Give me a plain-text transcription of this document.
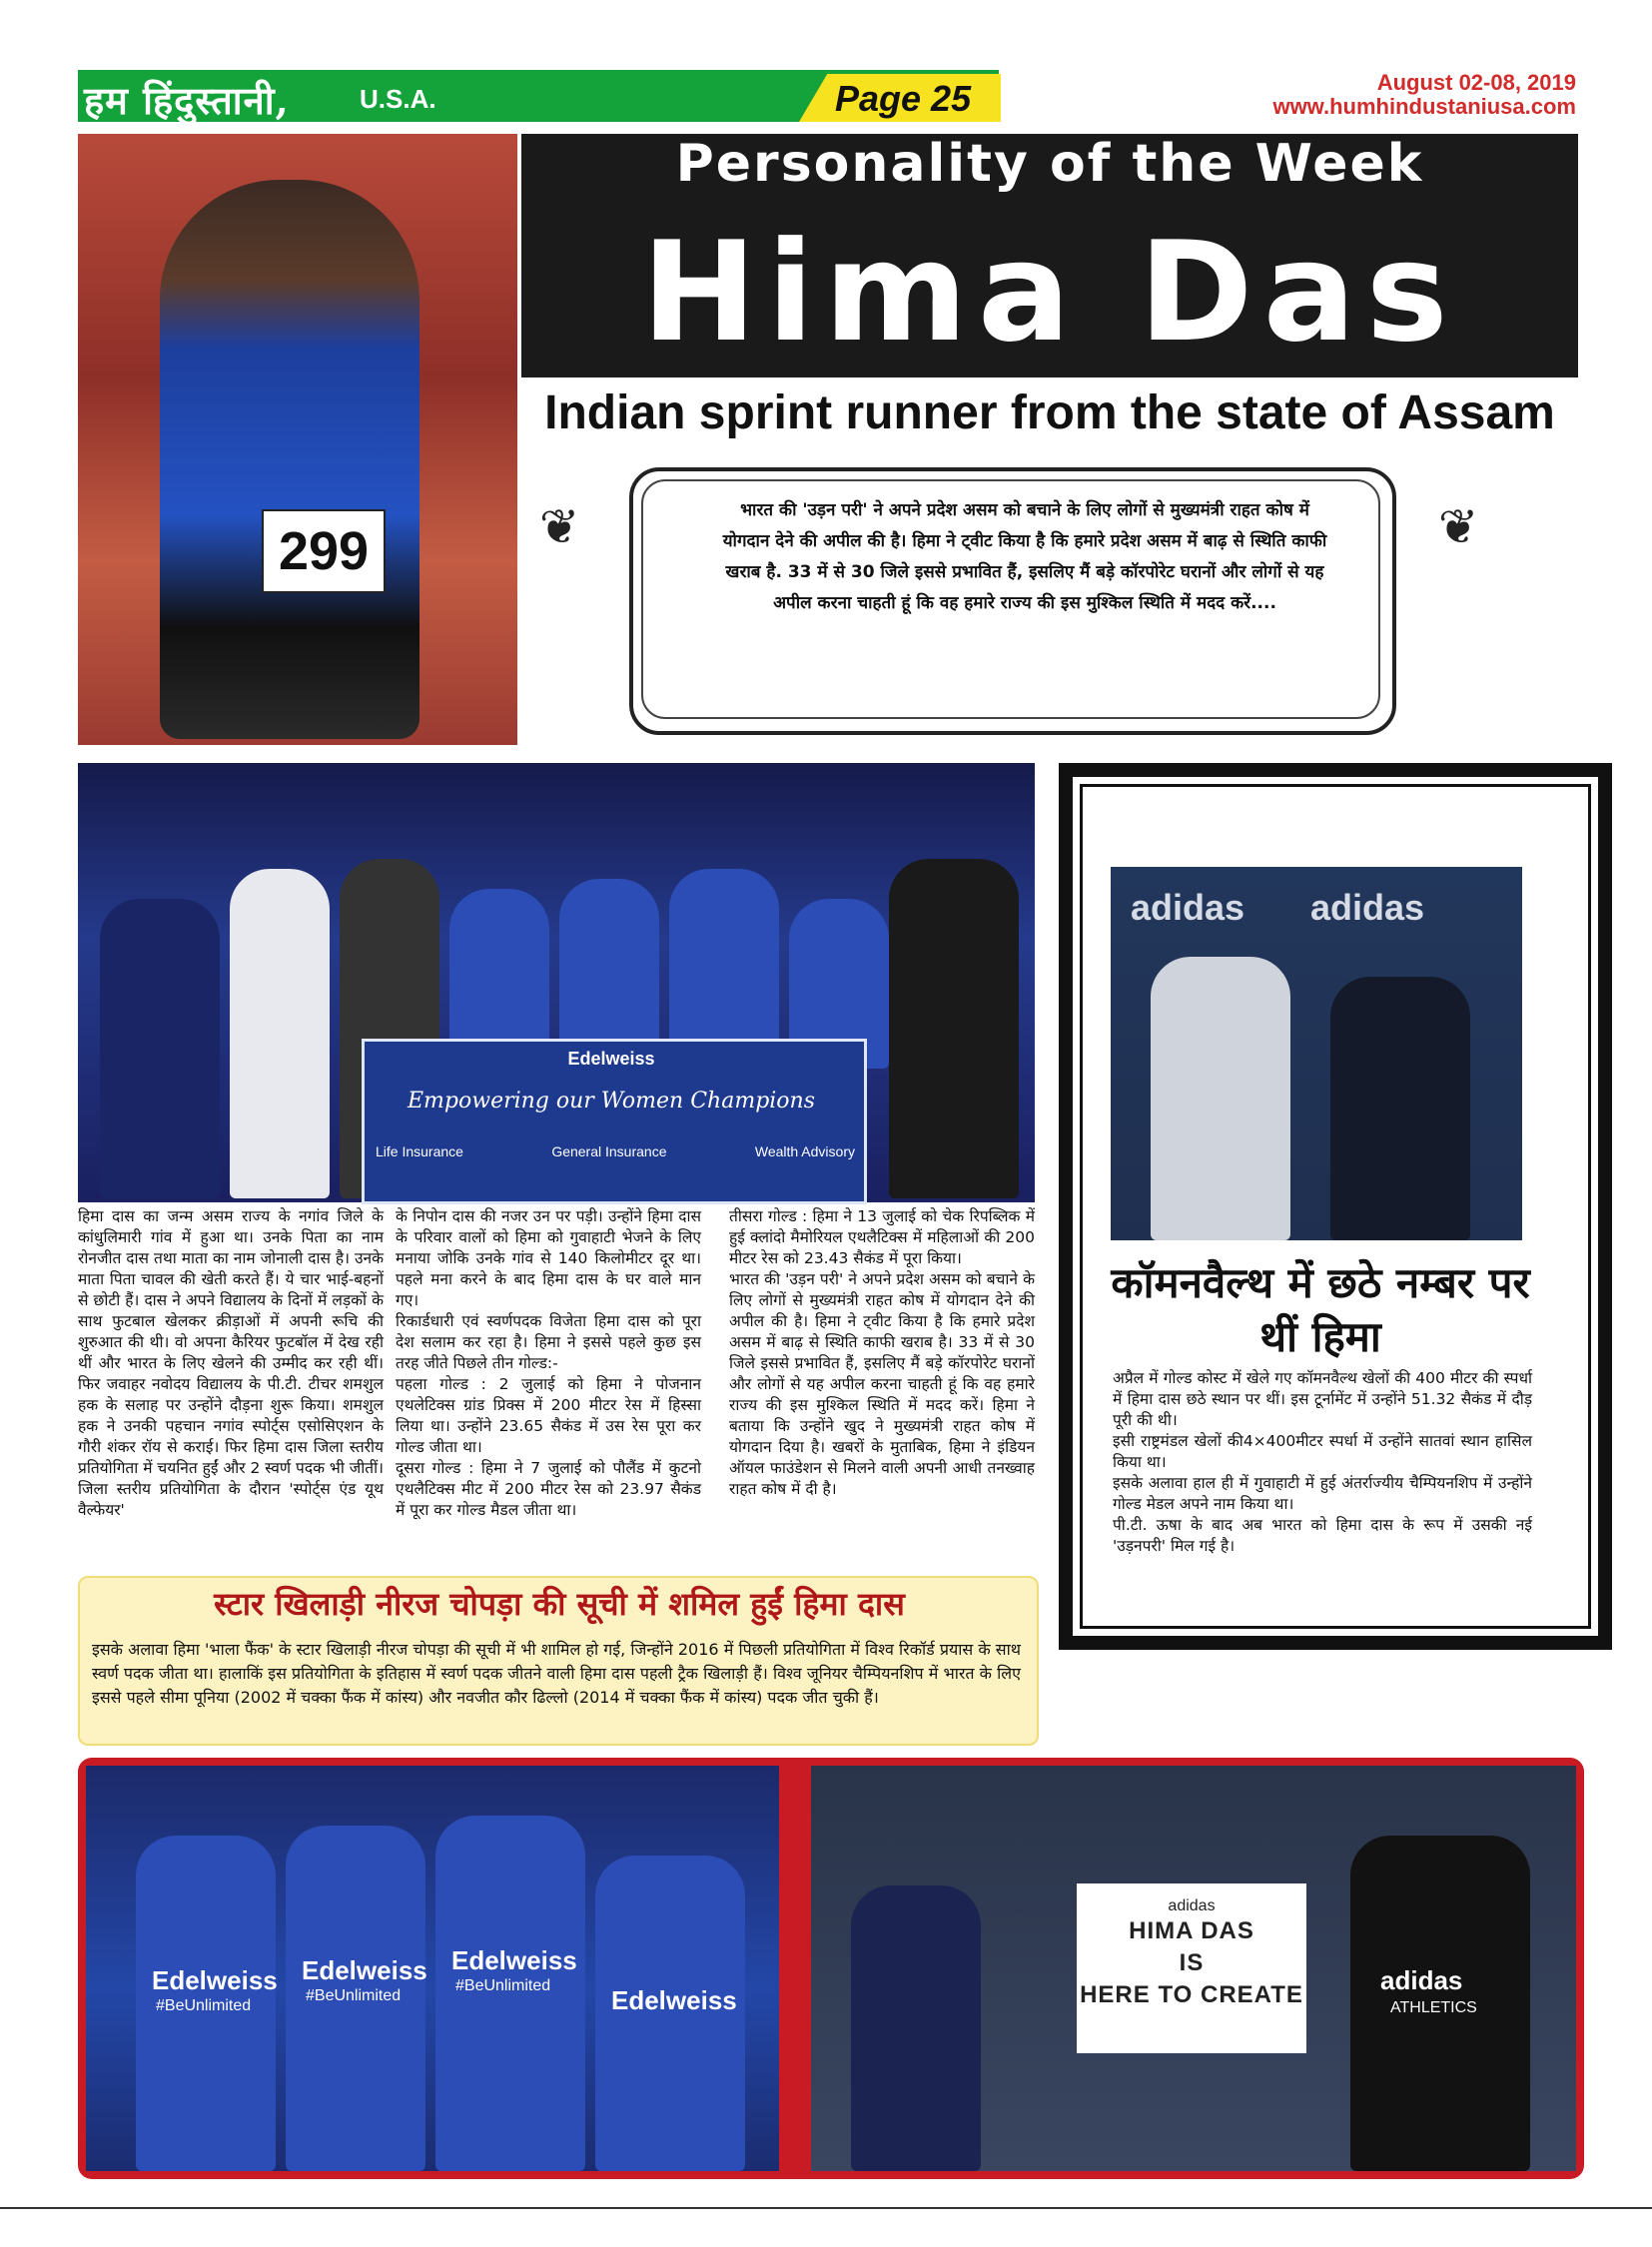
हम हिंदुस्तानी,	U.S.A.	Page 25	August 02-08, 2019
www.humhindustaniusa.com
299
Personality of the Week
Hima Das
Indian sprint runner from the state of Assam
❦	❦
भारत की 'उड़न परी' ने अपने प्रदेश असम को बचाने के लिए लोगों से मुख्यमंत्री राहत कोष में योगदान देने की अपील की है। हिमा ने ट्वीट किया है कि हमारे प्रदेश असम में बाढ़ से स्थिति काफी खराब है. 33 में से 30 जिले इससे प्रभावित हैं, इसलिए मैं बड़े कॉरपोरेट घरानों और लोगों से यह अपील करना चाहती हूं कि वह हमारे राज्य की इस मुश्किल स्थिति में मदद करें....
Edelweiss
Empowering our Women Champions
Life Insurance	General Insurance	Wealth Advisory

हिमा दास का जन्म असम राज्य के नगांव जिले के कांधुलिमारी गांव में हुआ था। उनके पिता का नाम रोनजीत दास तथा माता का नाम जोनाली दास है। उनके माता पिता चावल की खेती करते हैं। ये चार भाई-बहनों से छोटी हैं। दास ने अपने विद्यालय के दिनों में लड़कों के साथ फुटबाल खेलकर क्रीड़ाओं में अपनी रूचि की शुरुआत की थी। वो अपना कैरियर फुटबॉल में देख रही थीं और भारत के लिए खेलने की उम्मीद कर रही थीं। फिर जवाहर नवोदय विद्यालय के पी.टी. टीचर शमशुल हक के सलाह पर उन्होंने दौड़ना शुरू किया। शमशुल हक ने उनकी पहचान नगांव स्पोर्ट्स एसोसिएशन के गौरी शंकर रॉय से कराई। फिर हिमा दास जिला स्तरीय प्रतियोगिता में चयनित हुईं और 2 स्वर्ण पदक भी जीतीं। जिला स्तरीय प्रतियोगिता के दौरान 'स्पोर्ट्स एंड यूथ वैल्फेयर'

के निपोन दास की नजर उन पर पड़ी। उन्होंने हिमा दास के परिवार वालों को हिमा को गुवाहाटी भेजने के लिए मनाया जोकि उनके गांव से 140 किलोमीटर दूर था। पहले मना करने के बाद हिमा दास के घर वाले मान गए।

रिकार्डधारी एवं स्वर्णपदक विजेता हिमा दास को पूरा देश सलाम कर रहा है। हिमा ने इससे पहले कुछ इस तरह जीते पिछले तीन गोल्ड:-

पहला गोल्ड : 2 जुलाई को हिमा ने पोजनान एथलेटिक्स ग्रांड प्रिक्स में 200 मीटर रेस में हिस्सा लिया था। उन्होंने 23.65 सैकंड में उस रेस पूरा कर गोल्ड जीता था।

दूसरा गोल्ड : हिमा ने 7 जुलाई को पौलैंड में कुटनो एथलैटिक्स मीट में 200 मीटर रेस को 23.97 सैकंड में पूरा कर गोल्ड मैडल जीता था।

तीसरा गोल्ड : हिमा ने 13 जुलाई को चेक रिपब्लिक में हुई क्लांदो मैमोरियल एथलैटिक्स में महिलाओं की 200 मीटर रेस को 23.43 सैकंड में पूरा किया।

भारत की 'उड़न परी' ने अपने प्रदेश असम को बचाने के लिए लोगों से मुख्यमंत्री राहत कोष में योगदान देने की अपील की है। हिमा ने ट्वीट किया है कि हमारे प्रदेश असम में बाढ़ से स्थिति काफी खराब है। 33 में से 30 जिले इससे प्रभावित हैं, इसलिए मैं बड़े कॉरपोरेट घरानों और लोगों से यह अपील करना चाहती हूं कि वह हमारे राज्य की इस मुश्किल स्थिति में मदद करें। हिमा ने बताया कि उन्होंने खुद ने मुख्यमंत्री राहत कोष में योगदान दिया है। खबरों के मुताबिक, हिमा ने इंडियन ऑयल फाउंडेशन से मिलने वाली अपनी आधी तनख्वाह राहत कोष में दी है।

adidas adidas
कॉमनवैल्थ में छठे नम्बर पर थीं हिमा

अप्रैल में गोल्ड कोस्ट में खेले गए कॉमनवैल्थ खेलों की 400 मीटर की स्पर्धा में हिमा दास छठे स्थान पर थीं। इस टूर्नामेंट में उन्होंने 51.32 सैकंड में दौड़ पूरी की थी।

इसी राष्ट्रमंडल खेलों की4×400मीटर स्पर्धा में उन्होंने सातवां स्थान हासिल किया था।

इसके अलावा हाल ही में गुवाहाटी में हुई अंतर्राज्यीय चैम्पियनशिप में उन्होंने गोल्ड मेडल अपने नाम किया था।

पी.टी. ऊषा के बाद अब भारत को हिमा दास के रूप में उसकी नई 'उड़नपरी' मिल गई है।

स्टार खिलाड़ी नीरज चोपड़ा की सूची में शमिल हुईं हिमा दास
इसके अलावा हिमा 'भाला फैंक' के स्टार खिलाड़ी नीरज चोपड़ा की सूची में भी शामिल हो गई, जिन्होंने 2016 में पिछली प्रतियोगिता में विश्व रिकॉर्ड प्रयास के साथ स्वर्ण पदक जीता था। हालाकिं इस प्रतियोगिता के इतिहास में स्वर्ण पदक जीतने वाली हिमा दास पहली ट्रैक खिलाड़ी हैं। विश्व जूनियर चैम्पियनशिप में भारत के लिए इससे पहले सीमा पूनिया (2002 में चक्का फैंक में कांस्य) और नवजीत कौर ढिल्लो (2014 में चक्का फैंक में कांस्य) पदक जीत चुकी हैं।
Edelweiss
#BeUnlimited
Edelweiss
#BeUnlimited
Edelweiss
#BeUnlimited Edelweiss
adidas
ATHLETICS
adidas
HIMA DAS
IS
HERE TO CREATE
